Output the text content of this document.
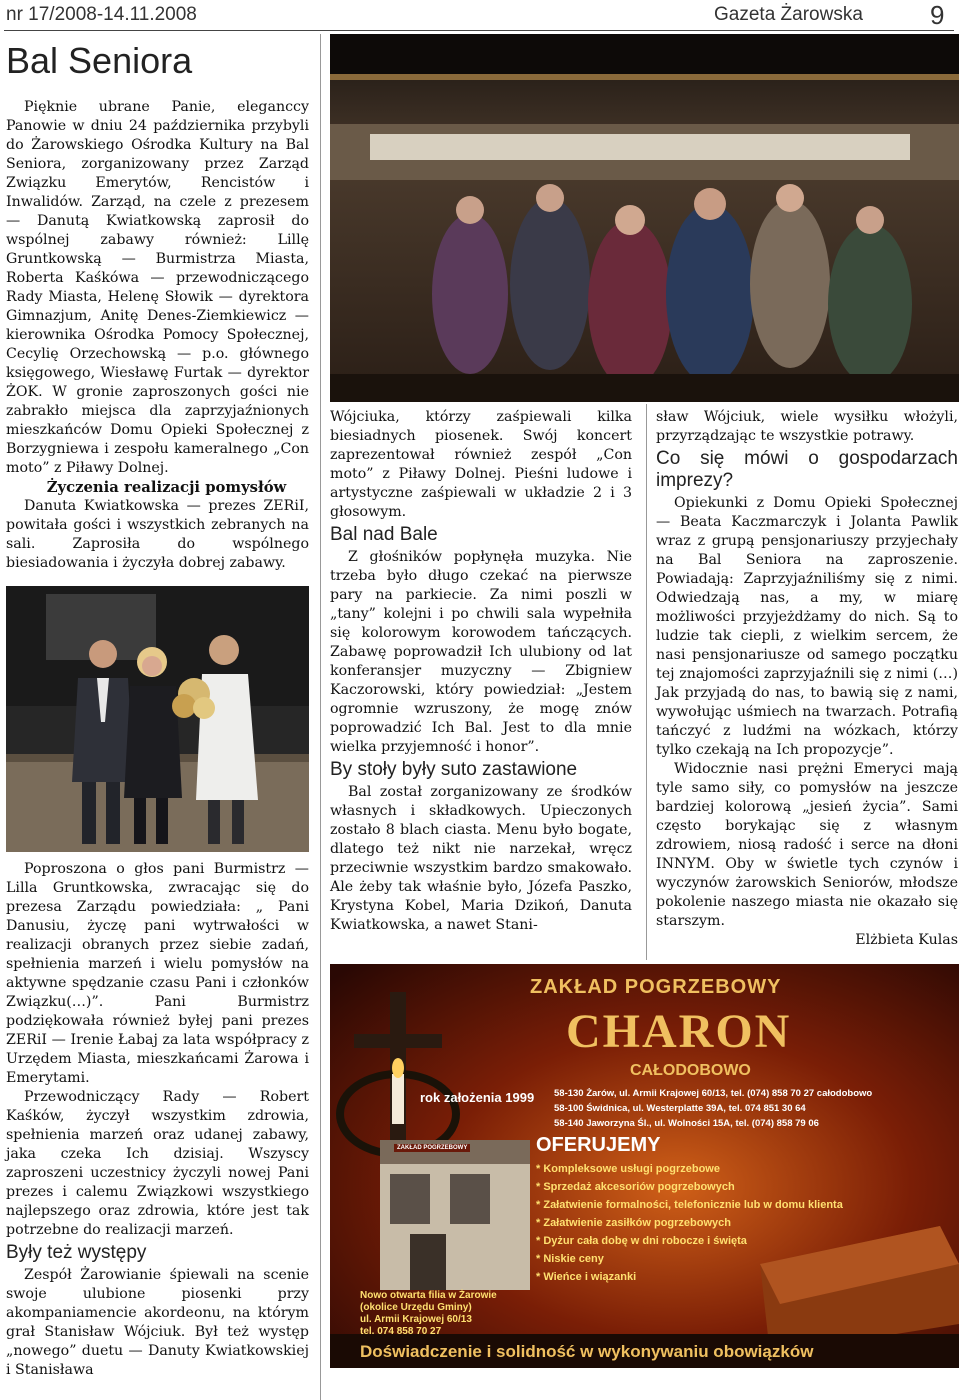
nr 17/2008-14.11.2008	Gazeta Żarowska	9
Bal Seniora

Pięknie ubrane Panie, eleganccy Panowie w dniu 24 października przybyli do Żarowskiego Ośrodka Kultury na Bal Seniora, zorganizowany przez Zarząd Związku Emerytów, Rencistów i Inwalidów. Zarząd, na czele z prezesem — Danutą Kwiatkowską zaprosił do wspólnej zabawy również: Lillę Gruntkowską — Burmistrza Miasta, Roberta Kaśkówa — przewodniczącego Rady Miasta, Helenę Słowik — dyrektora Gimnazjum, Anitę Denes-Ziemkiewicz — kierownika Ośrodka Pomocy Społecznej, Cecylię Orzechowską — p.o. głównego księgowego, Wiesławę Furtak — dyrektor ŻOK. W gronie zaproszonych gości nie zabrakło miejsca dla zaprzyjaźnionych mieszkańców Domu Opieki Społecznej z Borzygniewa i zespołu kameralnego „Con moto” z Piławy Dolnej.

Życzenia realizacji pomysłów

Danuta Kwiatkowska — prezes ZERiI, powitała gości i wszystkich zebranych na sali. Zaprosiła do wspólnego biesiadowania i życzyła dobrej zabawy.

Poproszona o głos pani Burmistrz — Lilla Gruntkowska, zwracając się do prezesa Zarządu powiedziała: „ Pani Danusiu, życzę pani wytrwałości w realizacji obranych przez siebie zadań, spełnienia marzeń i wielu pomysłów na aktywne spędzanie czasu Pani i członków Związku(…)”. Pani Burmistrz podziękowała również byłej pani prezes ZERiI — Irenie Łabaj za lata współpracy z Urzędem Miasta, mieszkańcami Żarowa i Emerytami.

Przewodniczący Rady — Robert Kaśków, życzył wszystkim zdrowia, spełnienia marzeń oraz udanej zabawy, jaka czeka Ich dzisiaj. Wszyscy zaproszeni uczestnicy życzyli nowej Pani prezes i calemu Związkowi wszystkiego najlepszego oraz zdrowia, które jest tak potrzebne do realizacji marzeń.

Były też występy

Zespół Żarowianie śpiewali na scenie swoje ulubione piosenki przy akompaniamencie akordeonu, na którym grał Stanisław Wójciuk. Był też występ „nowego” duetu — Danuty Kwiatkowskiej i Stanisława

Wójciuka, którzy zaśpiewali kilka biesiadnych piosenek. Swój koncert zaprezentował również zespół „Con moto” z Piławy Dolnej. Pieśni ludowe i artystyczne zaśpiewali w układzie 2 i 3 głosowym.

Bal nad Bale

Z głośników popłynęła muzyka. Nie trzeba było długo czekać na pierwsze pary na parkiecie. Za nimi poszli w „tany” kolejni i po chwili sala wypełniła się kolorowym korowodem tańczących. Zabawę poprowadził Ich ulubiony od lat konferansjer muzyczny — Zbigniew Kaczorowski, który powiedział: „Jestem ogromnie wzruszony, że mogę znów poprowadzić Ich Bal. Jest to dla mnie wielka przyjemność i honor”.

By stoły były suto zastawione

Bal został zorganizowany ze środków własnych i składkowych. Upieczonych zostało 8 blach ciasta. Menu było bogate, dlatego też nikt nie narzekał, wręcz przeciwnie wszystkim bardzo smakowało. Ale żeby tak właśnie było, Józefa Paszko, Krystyna Kobel, Maria Dzikoń, Danuta Kwiatkowska, a nawet Stani-

sław Wójciuk, wiele wysiłku włożyli, przyrządzając te wszystkie potrawy.

Co się mówi o gospodarzach imprezy?

Opiekunki z Domu Opieki Społecznej — Beata Kaczmarczyk i Jolanta Pawlik wraz z grupą pensjonariuszy przyjechały na Bal Seniora na zaproszenie. Powiadają: Zaprzyjaźniliśmy się z nimi. Odwiedzają nas, a my, w miarę możliwości przyjeżdżamy do nich. Są to ludzie tak ciepli, z wielkim sercem, że nasi pensjonariusze od samego początku tej znajomości zaprzyjaźnili się z nimi (…) Jak przyjadą do nas, to bawią się z nami, wywołując uśmiech na twarzach. Potrafią tańczyć z ludźmi na wózkach, którzy tylko czekają na Ich propozycje”.

Widocznie nasi prężni Emeryci mają tyle samo siły, co pomysłów na jeszcze bardziej kolorową „jesień życia”. Sami często borykając się z własnym zdrowiem, niosą radość i serce na dłoni INNYM. Oby w świetle tych czynów i wyczynów żarowskich Seniorów, młodsze pokolenie naszego miasta nie okazało się starszym.

Elżbieta Kulas
ZAKŁAD POGRZEBOWY
CHARON
CAŁODOBOWO
rok założenia 1999 58-130 Żarów, ul. Armii Krajowej 60/13, tel. (074) 858 70 27 całodobowo
58-100 Świdnica, ul. Westerplatte 39A, tel. 074 851 30 64
58-140 Jaworzyna Śl., ul. Wolności 15A, tel. (074) 858 79 06
OFERUJEMY
* Kompleksowe usługi pogrzebowe
* Sprzedaż akcesoriów pogrzebowych
* Załatwienie formalności, telefonicznie lub w domu klienta
* Załatwienie zasiłków pogrzebowych
* Dyżur cała dobę w dni robocze i święta
* Niskie ceny
* Wieńce i wiązanki
ZAKŁAD POGRZEBOWY
Nowo otwarta filia w Żarowie
(okolice Urzędu Gminy)
ul. Armii Krajowej 60/13
tel. 074 858 70 27
Doświadczenie i solidność w wykonywaniu obowiązków
